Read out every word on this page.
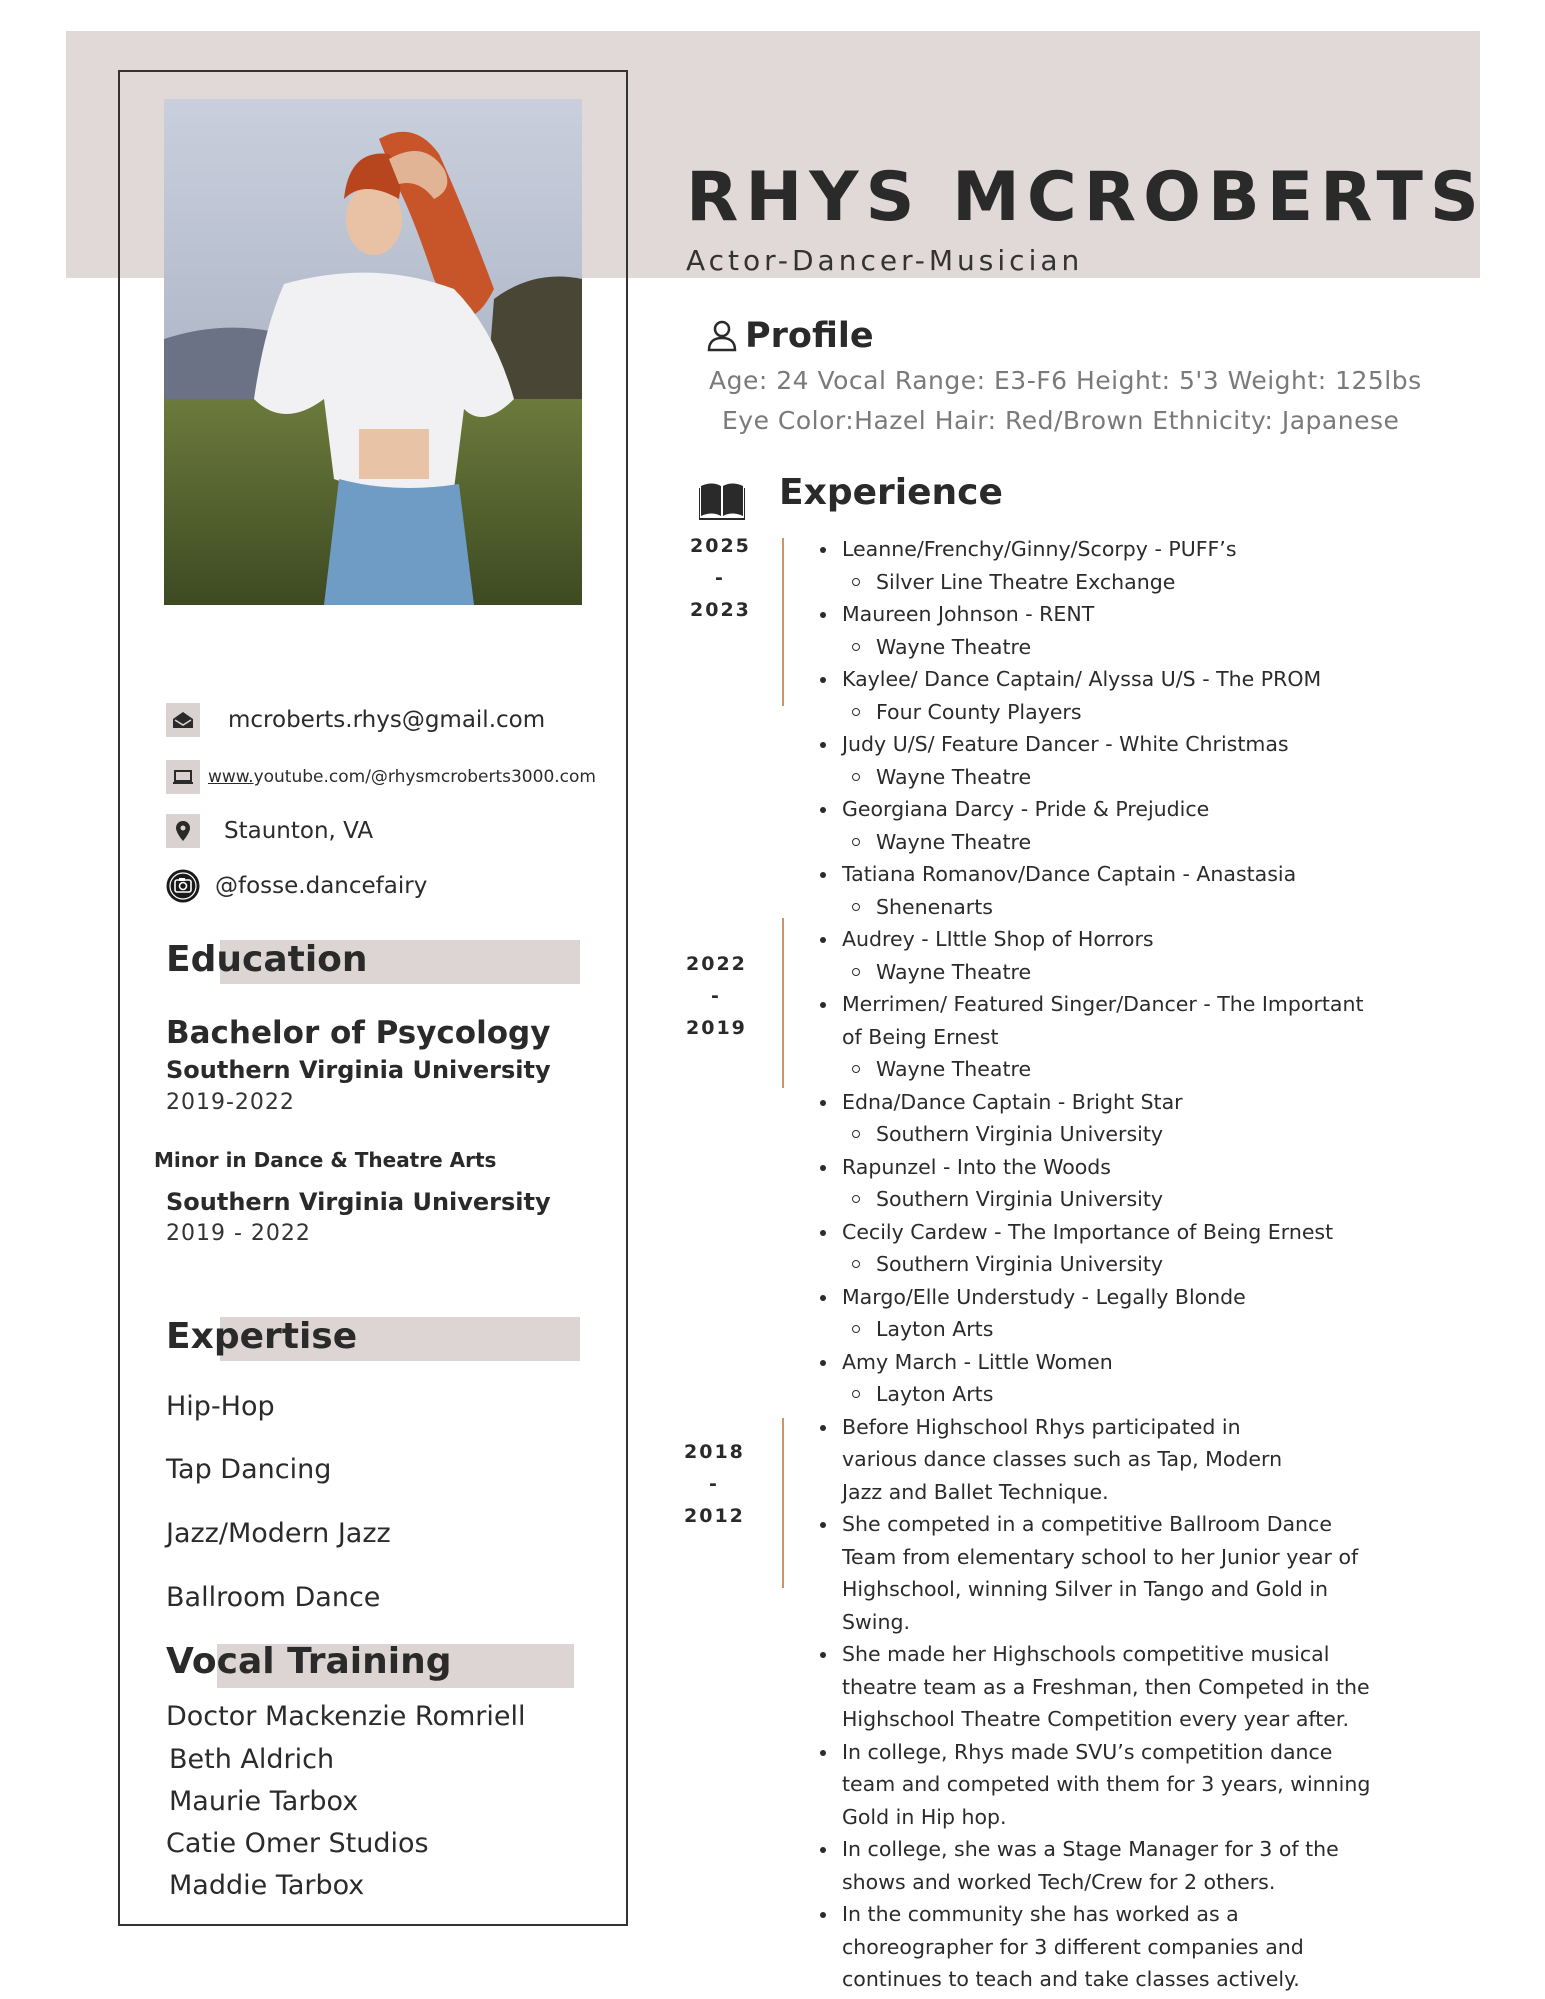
RHYS MCROBERTS
Actor-Dancer-Musician
mcroberts.rhys@gmail.com
www.youtube.com/@rhysmcroberts3000.com
Staunton, VA
@fosse.dancefairy
Education
Bachelor of Psycology
Southern Virginia University
2019-2022
Minor in Dance & Theatre Arts
Southern Virginia University
2019 - 2022
Expertise
Hip-Hop
Tap Dancing
Jazz/Modern Jazz
Ballroom Dance
Vocal Training
Doctor Mackenzie Romriell
Beth Aldrich
Maurie Tarbox
Catie Omer Studios
Maddie Tarbox
Profile
Age: 24 Vocal Range: E3-F6 Height: 5'3 Weight: 125lbs
Eye Color:Hazel Hair: Red/Brown Ethnicity: Japanese
Experience
2025
-
2023
2022
-
2019
2018
-
2012
Leanne/Frenchy/Ginny/Scorpy - PUFF’s
Silver Line Theatre Exchange
Maureen Johnson - RENT
Wayne Theatre
Kaylee/ Dance Captain/ Alyssa U/S - The PROM
Four County Players
Judy U/S/ Feature Dancer - White Christmas
Wayne Theatre
Georgiana Darcy - Pride & Prejudice
Wayne Theatre
Tatiana Romanov/Dance Captain - Anastasia
Shenenarts
Audrey - LIttle Shop of Horrors
Wayne Theatre
Merrimen/ Featured Singer/Dancer - The Important of Being Ernest
Wayne Theatre
Edna/Dance Captain - Bright Star
Southern Virginia University
Rapunzel - Into the Woods
Southern Virginia University
Cecily Cardew - The Importance of Being Ernest
Southern Virginia University
Margo/Elle Understudy - Legally Blonde
Layton Arts
Amy March - Little Women
Layton Arts
Before Highschool Rhys participated in various dance classes such as Tap, Modern Jazz and Ballet Technique.
She competed in a competitive Ballroom Dance Team from elementary school to her Junior year of Highschool, winning Silver in Tango and Gold in Swing.
She made her Highschools competitive musical theatre team as a Freshman, then Competed in the Highschool Theatre Competition every year after.
In college, Rhys made SVU’s competition dance team and competed with them for 3 years, winning Gold in Hip hop.
In college, she was a Stage Manager for 3 of the shows and worked Tech/Crew for 2 others.
In the community she has worked as a choreographer for 3 different companies and continues to teach and take classes actively.
